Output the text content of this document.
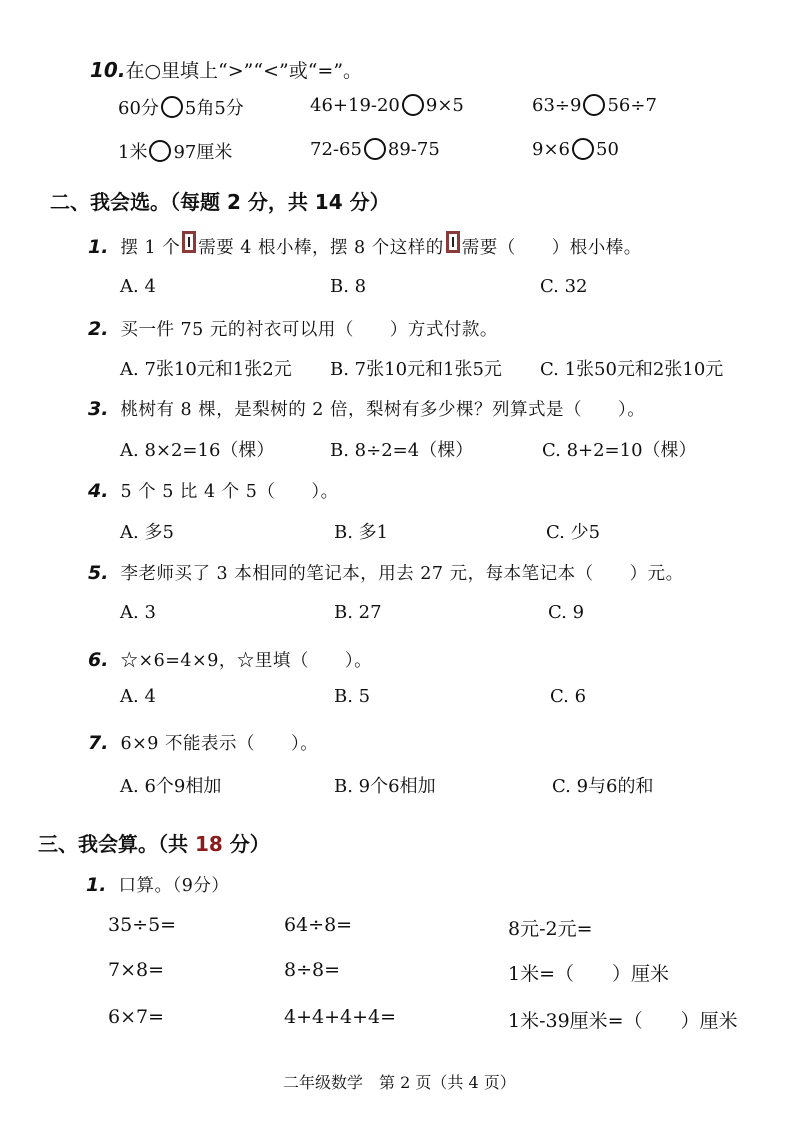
10.在○里填上“>”“<”或“=”。
60分 5角5分	46+19-20 9×5	63÷9 56÷7
1米 97厘米	72-65 89-75	9×6 50
二、我会选。（每题 2 分，共 14 分）
1. 摆 1 个 需要 4 根小棒，摆 8 个这样的 需要（　　）根小棒。
A. 4	B. 8	C. 32
2. 买一件 75 元的衬衣可以用（　　）方式付款。
A. 7张10元和1张2元 B. 7张10元和1张5元 C. 1张50元和2张10元
3. 桃树有 8 棵，是梨树的 2 倍，梨树有多少棵？列算式是（　　）。
A. 8×2=16（棵）	B. 8÷2=4（棵）	C. 8+2=10（棵）
4. 5 个 5 比 4 个 5（　　）。
A. 多5	B. 多1	C. 少5
5. 李老师买了 3 本相同的笔记本，用去 27 元，每本笔记本（　　）元。
A. 3	B. 27	C. 9
6. ☆×6=4×9，☆里填（　　）。
A. 4	B. 5	C. 6
7. 6×9 不能表示（　　）。
A. 6个9相加	B. 9个6相加	C. 9与6的和
三、我会算。（共 18 分）
1. 口算。（9分）
35÷5=	64÷8=	8元-2元=
7×8=	8÷8=	1米=（　　）厘米
6×7=	4+4+4+4=	1米-39厘米=（　　）厘米
二年级数学　第 2 页（共 4 页）
